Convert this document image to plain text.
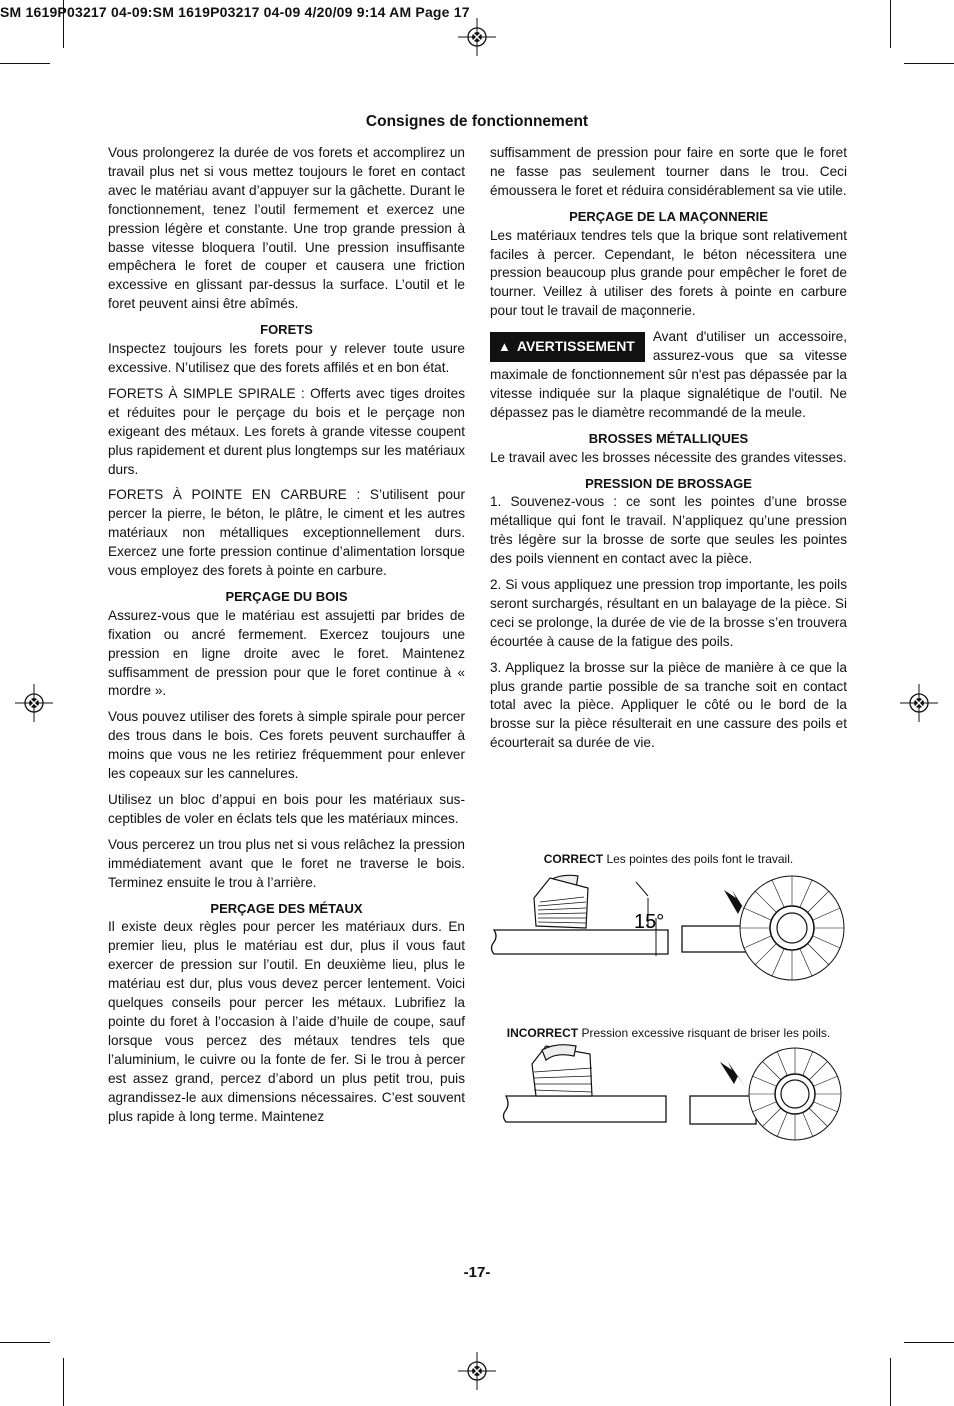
SM 1619P03217 04-09:SM 1619P03217 04-09 4/20/09 9:14 AM Page 17
Consignes de fonctionnement

Vous prolongerez la durée de vos forets et accomplirez un travail plus net si vous mettez toujours le foret en contact avec le matériau avant d’appuyer sur la gâchette. Durant le fonctionnement, tenez l’outil fermement et exercez une pression légère et constante. Une trop grande pression à basse vitesse bloquera l’outil. Une pression insuffisante empêchera le foret de couper et causera une friction excessive en glissant par-dessus la surface. L’outil et le foret peuvent ainsi être abîmés.

FORETS

Inspectez toujours les forets pour y relever toute usure excessive. N’utilisez que des forets affilés et en bon état.

FORETS À SIMPLE SPIRALE : Offerts avec tiges droites et réduites pour le perçage du bois et le perçage non exigeant des métaux. Les forets à grande vitesse coupent plus rapidement et durent plus longtemps sur les matériaux durs.

FORETS À POINTE EN CARBURE : S’utilisent pour percer la pierre, le béton, le plâtre, le ciment et les autres matériaux non métalliques exceptionnellement durs. Exercez une forte pression continue d’alimentation lorsque vous employez des forets à pointe en carbure.

PERÇAGE DU BOIS

Assurez-vous que le matériau est assujetti par brides de fixation ou ancré fermement. Exercez toujours une pression en ligne droite avec le foret. Maintenez suffisamment de pression pour que le foret continue à « mordre ».

Vous pouvez utiliser des forets à simple spirale pour percer des trous dans le bois. Ces forets peuvent surchauffer à moins que vous ne les retiriez fréquemment pour enlever les copeaux sur les cannelures.

Utilisez un bloc d’appui en bois pour les matériaux sus-ceptibles de voler en éclats tels que les matériaux minces.

Vous percerez un trou plus net si vous relâchez la pression immédiatement avant que le foret ne traverse le bois. Terminez ensuite le trou à l’arrière.

PERÇAGE DES MÉTAUX

Il existe deux règles pour percer les matériaux durs. En premier lieu, plus le matériau est dur, plus il vous faut exercer de pression sur l’outil. En deuxième lieu, plus le matériau est dur, plus vous devez percer lentement. Voici quelques conseils pour percer les métaux. Lubrifiez la pointe du foret à l’occasion à l’aide d’huile de coupe, sauf lorsque vous percez des métaux tendres tels que l’aluminium, le cuivre ou la fonte de fer. Si le trou à percer est assez grand, percez d’abord un plus petit trou, puis agrandissez-le aux dimensions nécessaires. C’est souvent plus rapide à long terme. Maintenez

suffisamment de pression pour faire en sorte que le foret ne fasse pas seulement tourner dans le trou. Ceci émoussera le foret et réduira considérablement sa vie utile.

PERÇAGE DE LA MAÇONNERIE

Les matériaux tendres tels que la brique sont relativement faciles à percer. Cependant, le béton nécessitera une pression beaucoup plus grande pour empêcher le foret de tourner. Veillez à utiliser des forets à pointe en carbure pour tout le travail de maçonnerie.

▲ AVERTISSEMENT
Avant d'utiliser un accessoire, assurez-vous que sa vitesse maximale de fonctionnement sûr n'est pas dépassée par la vitesse indiquée sur la plaque signalétique de l'outil. Ne dépassez pas le diamètre recommandé de la meule.
BROSSES MÉTALLIQUES

Le travail avec les brosses nécessite des grandes vitesses.

PRESSION DE BROSSAGE

1. Souvenez-vous : ce sont les pointes d’une brosse métallique qui font le travail. N’appliquez qu’une pression très légère sur la brosse de sorte que seules les pointes des poils viennent en contact avec la pièce.

2. Si vous appliquez une pression trop importante, les poils seront surchargés, résultant en un balayage de la pièce. Si ceci se prolonge, la durée de vie de la brosse s’en trouvera écourtée à cause de la fatigue des poils.

3. Appliquez la brosse sur la pièce de manière à ce que la plus grande partie possible de sa tranche soit en contact total avec la pièce. Appliquer le côté ou le bord de la brosse sur la pièce résulterait en une cassure des poils et écourterait sa durée de vie.

CORRECT Les pointes des poils font le travail.
INCORRECT Pression excessive risquant de briser les poils.
15°
-17-
